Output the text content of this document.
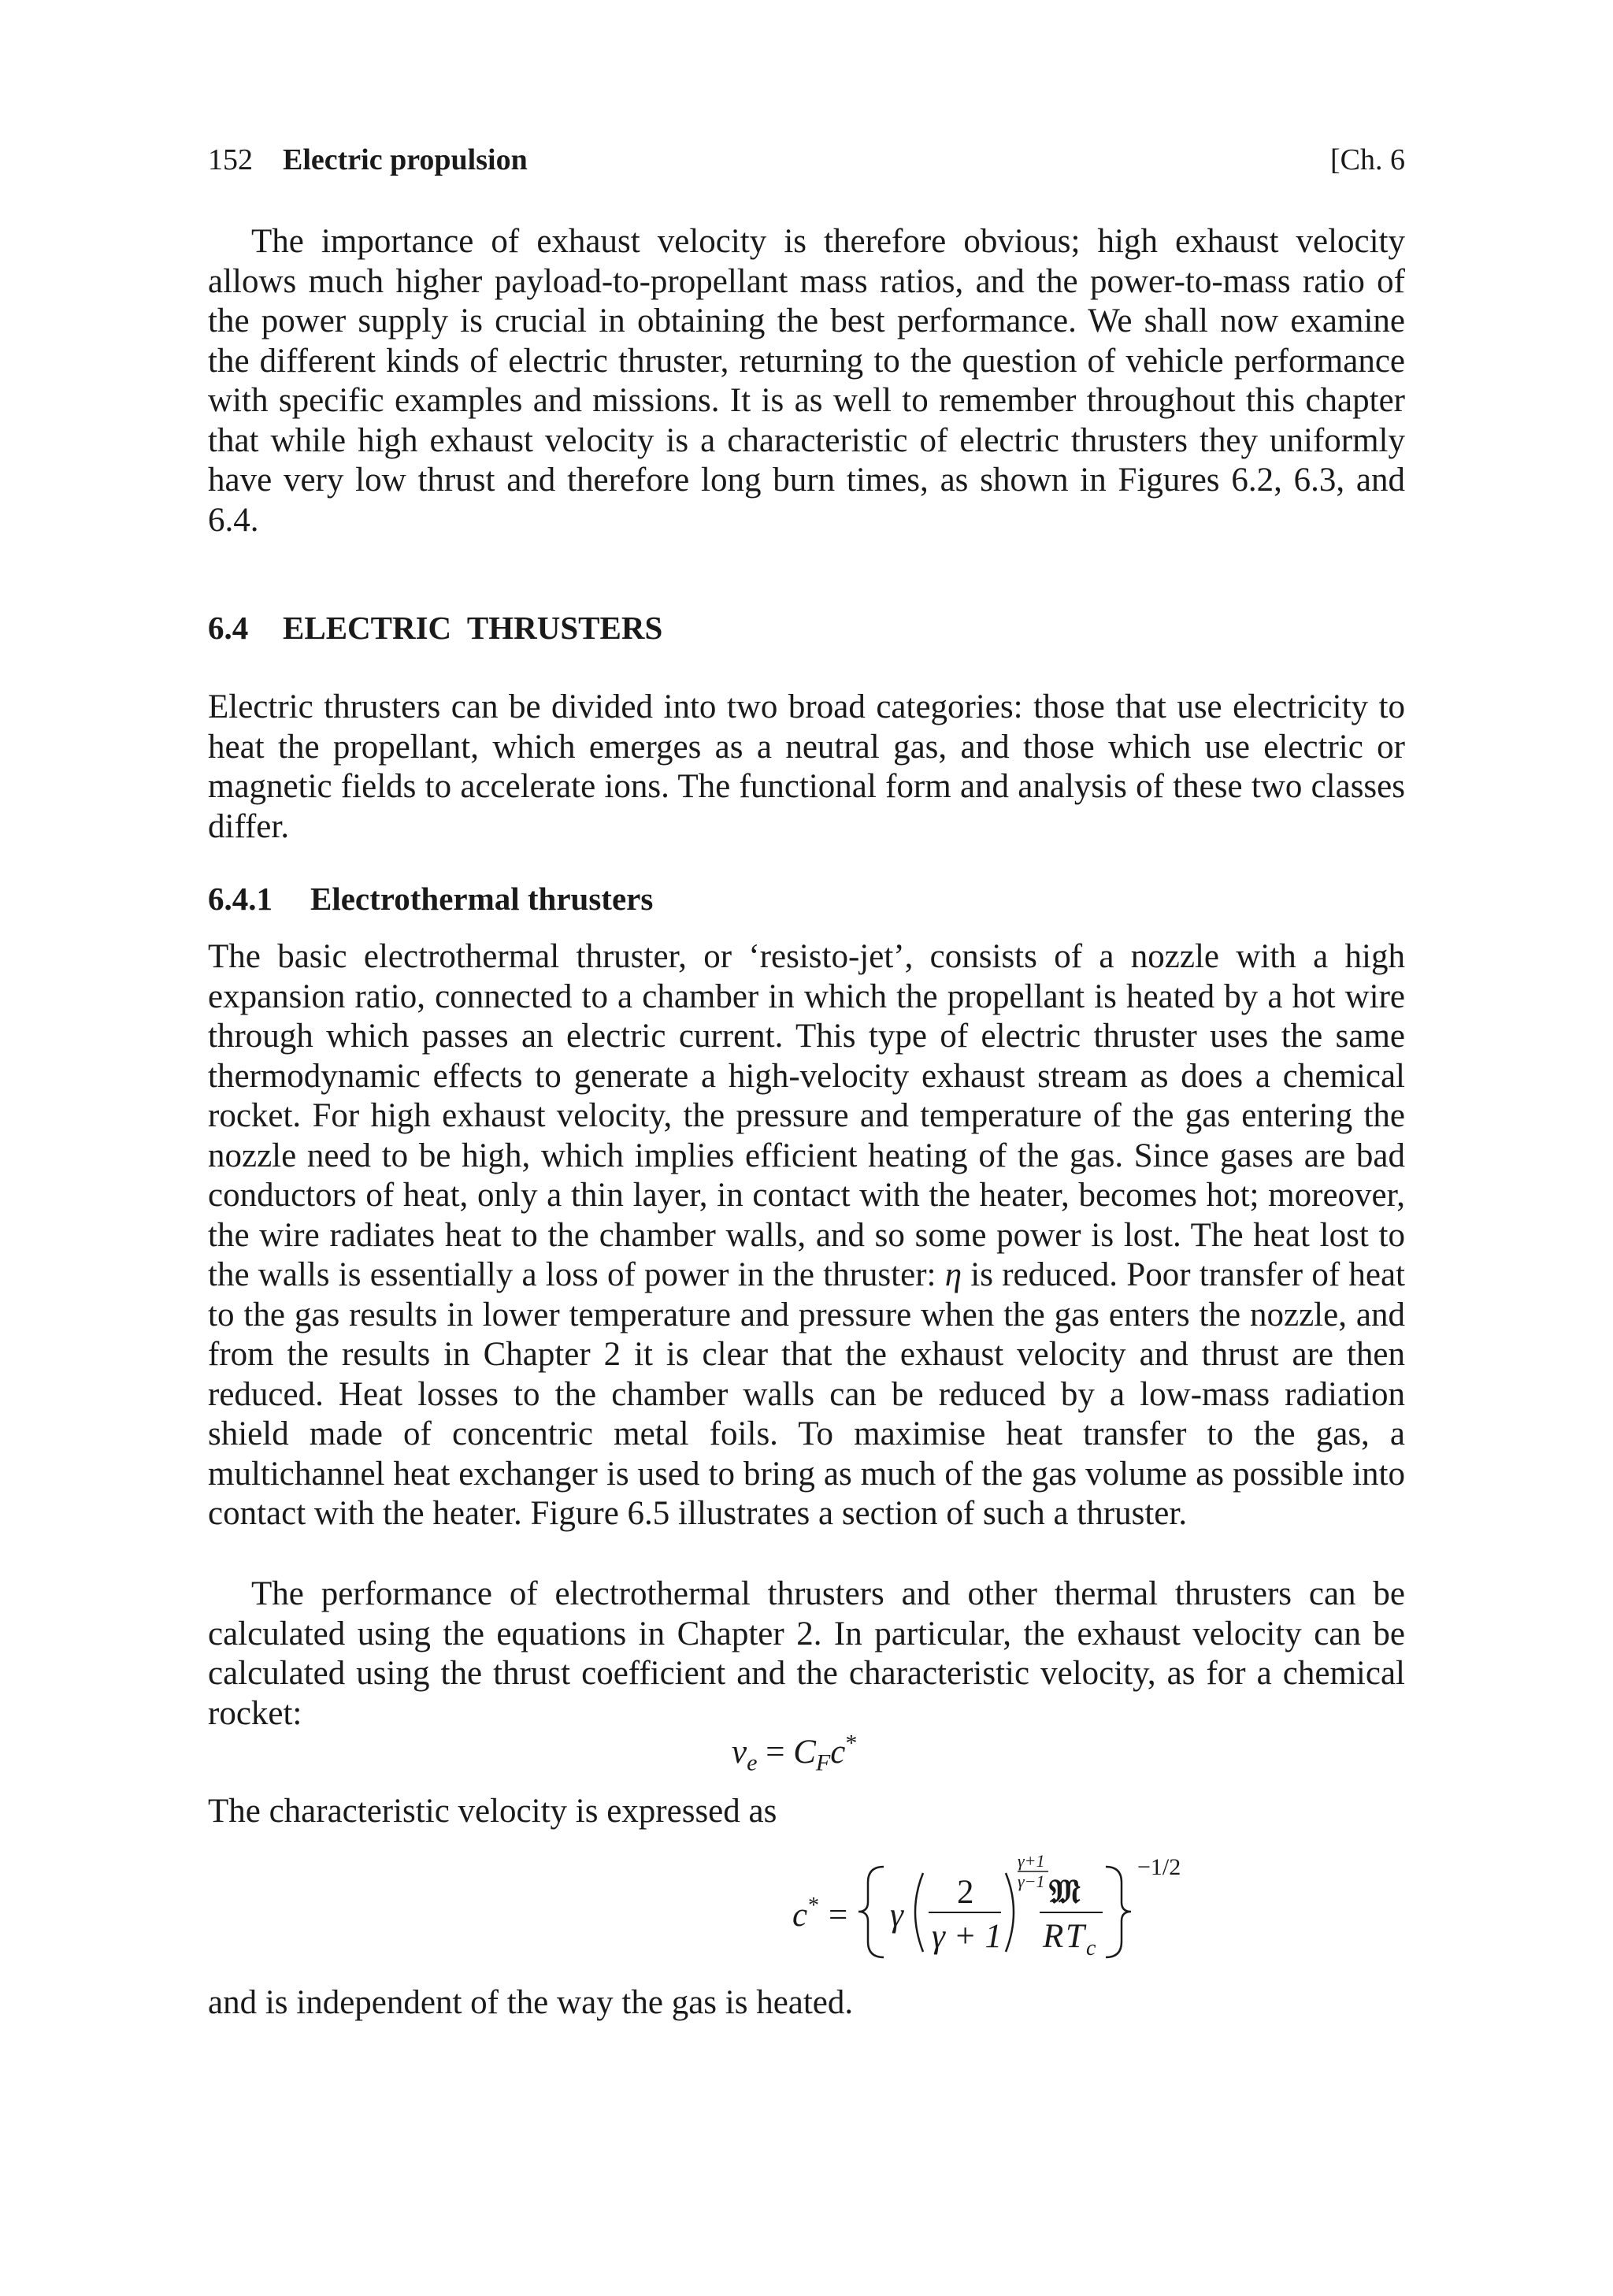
152 Electric propulsion	[Ch. 6

The importance of exhaust velocity is therefore obvious; high exhaust velocity allows much higher payload-to-propellant mass ratios, and the power-to-mass ratio of the power supply is crucial in obtaining the best performance. We shall now examine the different kinds of electric thruster, returning to the question of vehicle performance with specific examples and missions. It is as well to remember throughout this chapter that while high exhaust velocity is a characteristic of electric thrusters they uniformly have very low thrust and therefore long burn times, as shown in Figures 6.2, 6.3, and 6.4.

6.4 ELECTRIC  THRUSTERS

Electric thrusters can be divided into two broad categories: those that use electricity to heat the propellant, which emerges as a neutral gas, and those which use electric or magnetic fields to accelerate ions. The functional form and analysis of these two classes differ.

6.4.1 Electrothermal thrusters

The basic electrothermal thruster, or ‘resisto-jet’, consists of a nozzle with a high expansion ratio, connected to a chamber in which the propellant is heated by a hot wire through which passes an electric current. This type of electric thruster uses the same thermodynamic effects to generate a high-velocity exhaust stream as does a chemical rocket. For high exhaust velocity, the pressure and temperature of the gas entering the nozzle need to be high, which implies efficient heating of the gas. Since gases are bad conductors of heat, only a thin layer, in contact with the heater, becomes hot; moreover, the wire radiates heat to the chamber walls, and so some power is lost. The heat lost to the walls is essentially a loss of power in the thruster: η is reduced. Poor transfer of heat to the gas results in lower temperature and pressure when the gas enters the nozzle, and from the results in Chapter 2 it is clear that the exhaust velocity and thrust are then reduced. Heat losses to the chamber walls can be reduced by a low-mass radiation shield made of concentric metal foils. To maximise heat transfer to the gas, a multichannel heat exchanger is used to bring as much of the gas volume as possible into contact with the heater. Figure 6.5 illustrates a section of such a thruster.

The performance of electrothermal thrusters and other thermal thrusters can be calculated using the equations in Chapter 2. In particular, the exhaust velocity can be calculated using the thrust coefficient and the characteristic velocity, as for a chemical rocket:

$v_e = C_Fc^*$

The characteristic velocity is expressed as

c * = γ
2
γ + 1
γ+1
γ−1 𝔐
R T c
−1/2

and is independent of the way the gas is heated.
